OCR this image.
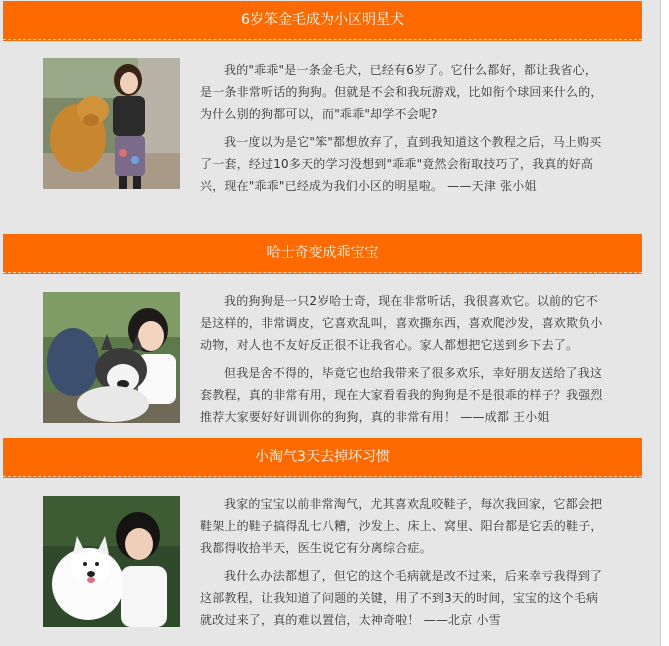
6岁笨金毛成为小区明星犬

我的"乖乖"是一条金毛犬，已经有6岁了。它什么都好，都让我省心，是一条非常听话的狗狗。但就是不会和我玩游戏，比如衔个球回来什么的，为什么别的狗都可以，而"乖乖"却学不会呢?

我一度以为是它"笨"都想放弃了，直到我知道这个教程之后，马上购买了一套，经过10多天的学习没想到"乖乖"竟然会衔取技巧了，我真的好高兴，现在"乖乖"已经成为我们小区的明星啦。 ——天津 张小姐

哈士奇变成乖宝宝

我的狗狗是一只2岁哈士奇，现在非常听话，我很喜欢它。以前的它不是这样的，非常调皮，它喜欢乱叫，喜欢撕东西，喜欢爬沙发，喜欢欺负小动物，对人也不友好反正很不让我省心。家人都想把它送到乡下去了。

但我是舍不得的，毕竟它也给我带来了很多欢乐，幸好朋友送给了我这套教程，真的非常有用，现在大家看看我的狗狗是不是很乖的样子？我强烈推荐大家要好好训训你的狗狗，真的非常有用！ ——成都 王小姐

小淘气3天去掉坏习惯

我家的宝宝以前非常淘气，尤其喜欢乱咬鞋子，每次我回家，它都会把鞋架上的鞋子搞得乱七八糟，沙发上、床上、窝里、阳台都是它丢的鞋子，我都得收拾半天，医生说它有分离综合症。

我什么办法都想了，但它的这个毛病就是改不过来，后来幸亏我得到了这部教程，让我知道了问题的关键，用了不到3天的时间，宝宝的这个毛病就改过来了，真的难以置信，太神奇啦！ ——北京 小雪
